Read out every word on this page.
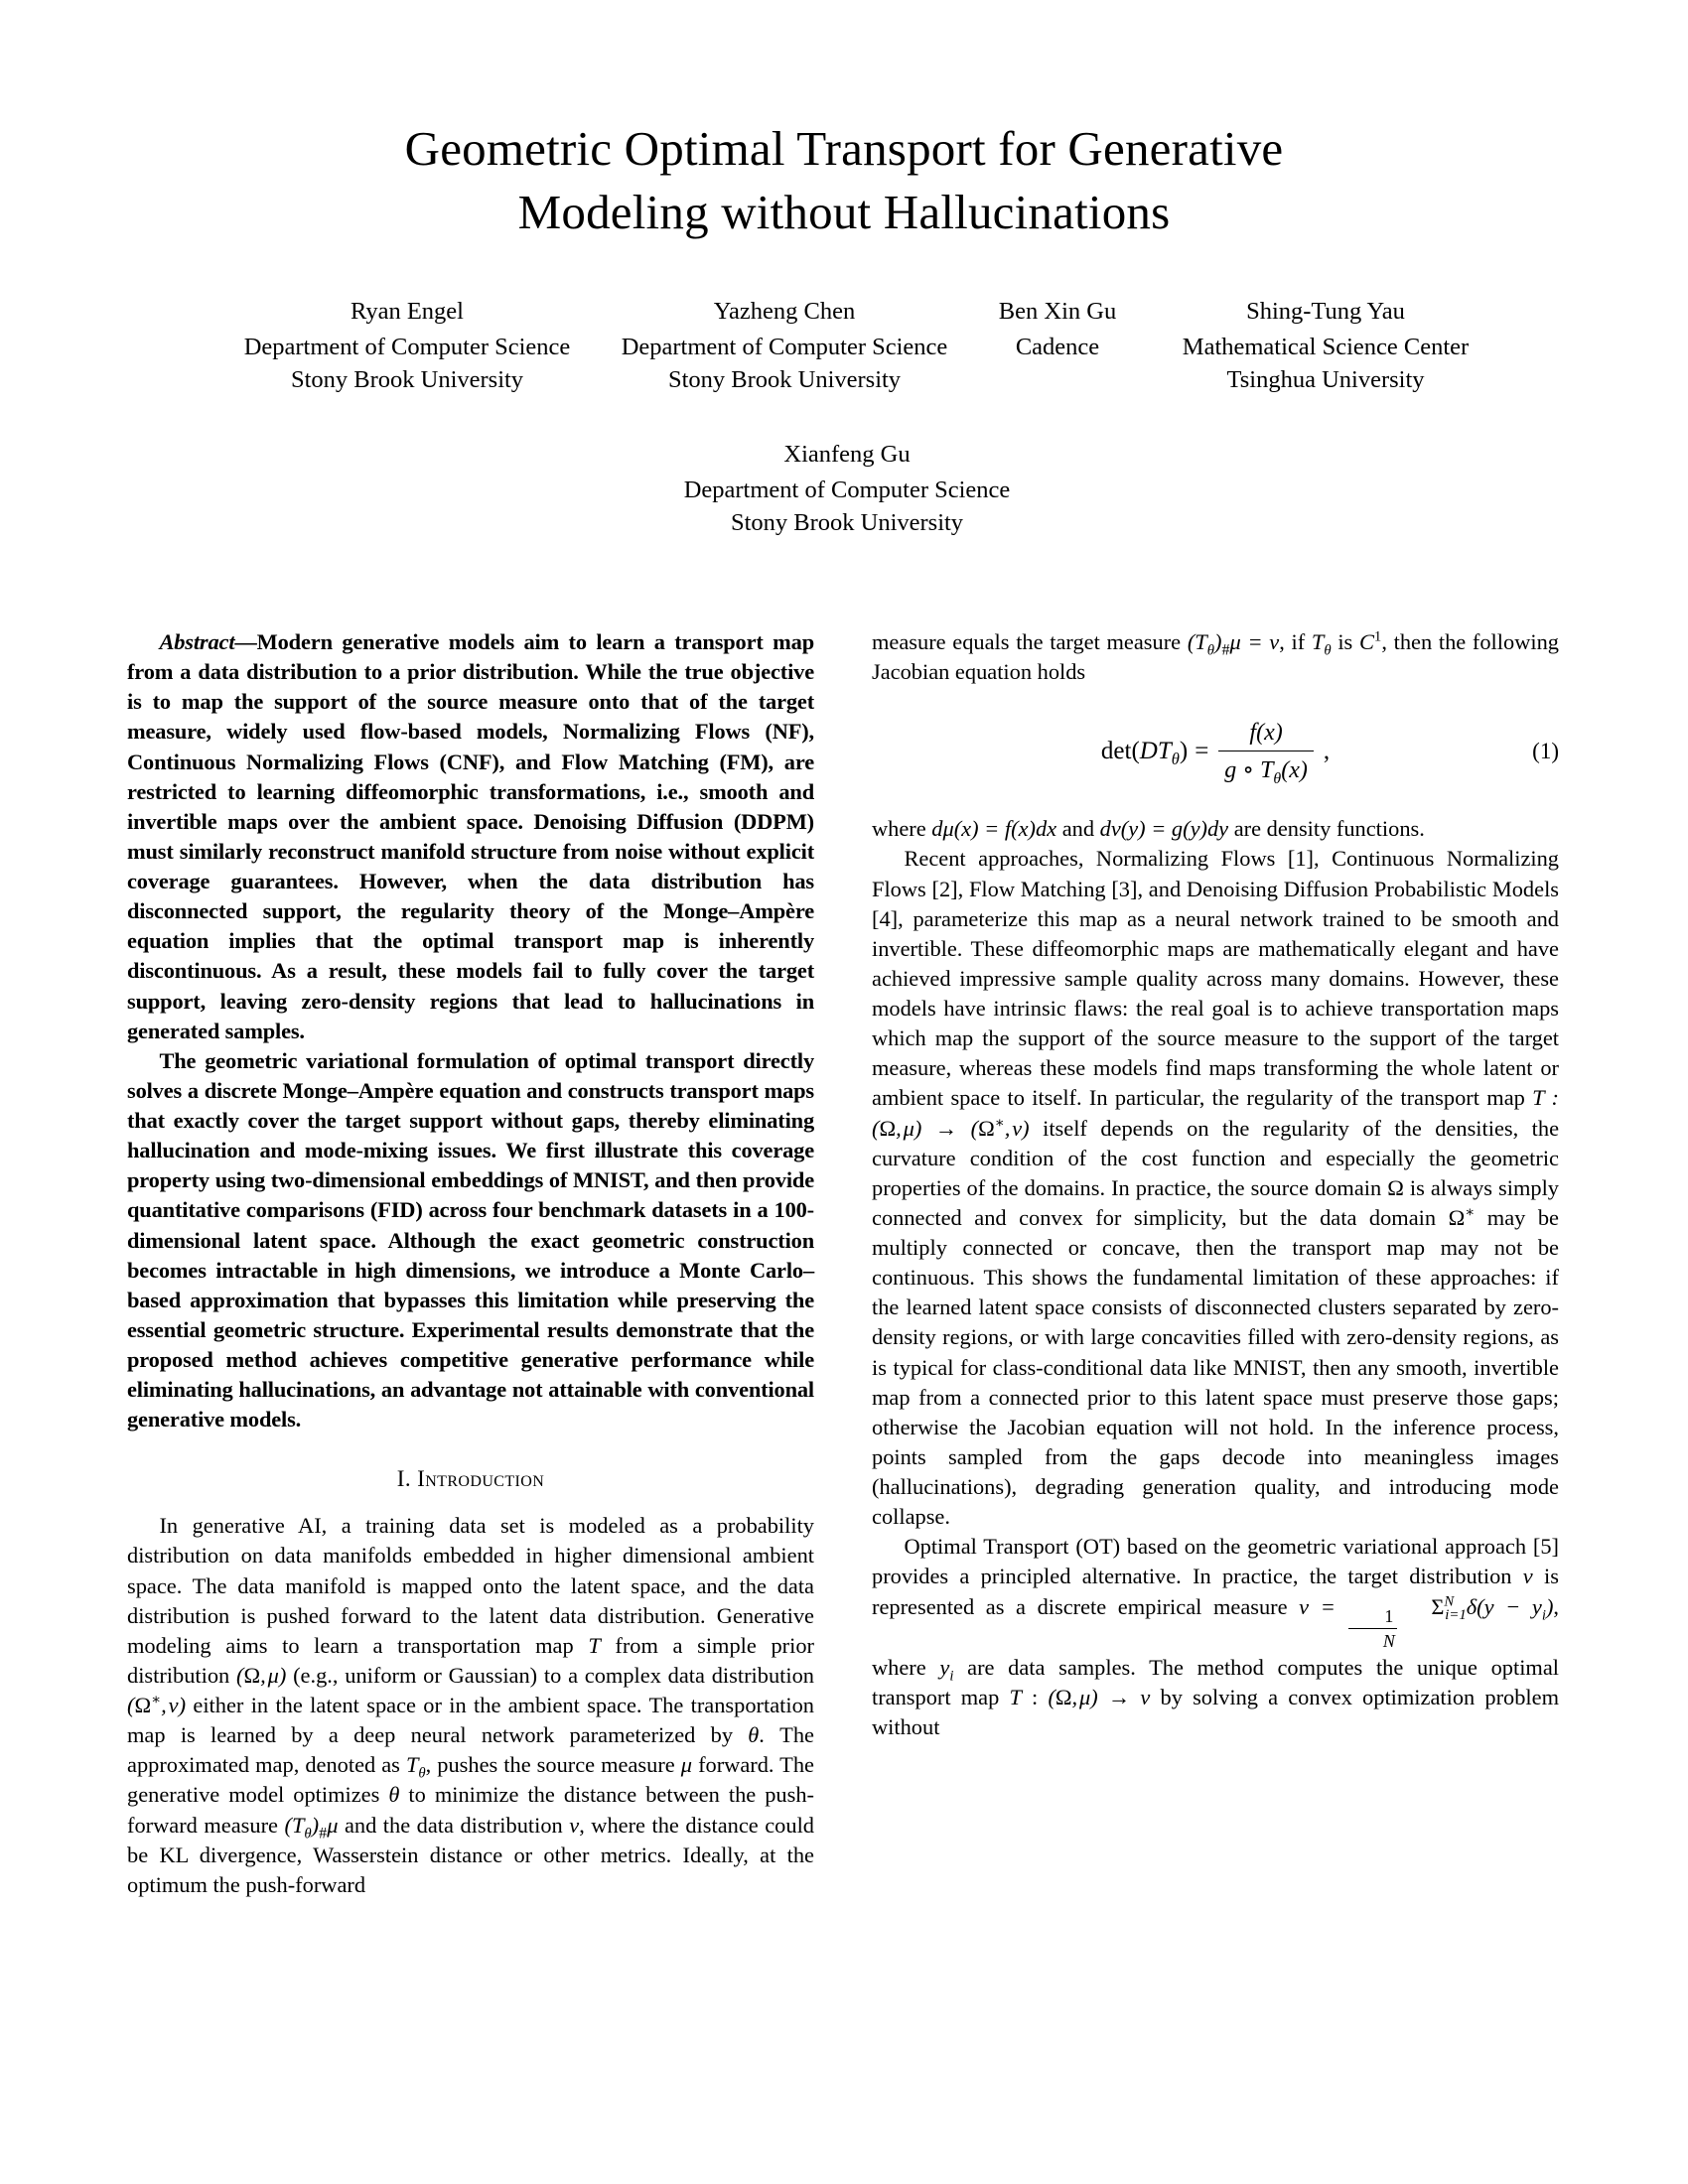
Geometric Optimal Transport for Generative
Modeling without Hallucinations
Ryan Engel
Department of Computer Science
Stony Brook University
Yazheng Chen
Department of Computer Science
Stony Brook University
Ben Xin Gu
Cadence
Shing-Tung Yau
Mathematical Science Center
Tsinghua University
Xianfeng Gu
Department of Computer Science
Stony Brook University

Abstract—Modern generative models aim to learn a transport map from a data distribution to a prior distribution. While the true objective is to map the support of the source measure onto that of the target measure, widely used flow-based models, Normalizing Flows (NF), Continuous Normalizing Flows (CNF), and Flow Matching (FM), are restricted to learning diffeomorphic transformations, i.e., smooth and invertible maps over the ambient space. Denoising Diffusion (DDPM) must similarly reconstruct manifold structure from noise without explicit coverage guarantees. However, when the data distribution has disconnected support, the regularity theory of the Monge–Ampère equation implies that the optimal transport map is inherently discontinuous. As a result, these models fail to fully cover the target support, leaving zero-density regions that lead to hallucinations in generated samples.

The geometric variational formulation of optimal transport directly solves a discrete Monge–Ampère equation and constructs transport maps that exactly cover the target support without gaps, thereby eliminating hallucination and mode-mixing issues. We first illustrate this coverage property using two-dimensional embeddings of MNIST, and then provide quantitative comparisons (FID) across four benchmark datasets in a 100-dimensional latent space. Although the exact geometric construction becomes intractable in high dimensions, we introduce a Monte Carlo–based approximation that bypasses this limitation while preserving the essential geometric structure. Experimental results demonstrate that the proposed method achieves competitive generative performance while eliminating hallucinations, an advantage not attainable with conventional generative models.

I. Introduction

In generative AI, a training data set is modeled as a probability distribution on data manifolds embedded in higher dimensional ambient space. The data manifold is mapped onto the latent space, and the data distribution is pushed forward to the latent data distribution. Generative modeling aims to learn a transportation map T from a simple prior distribution (Ω, μ) (e.g., uniform or Gaussian) to a complex data distribution (Ω∗, ν) either in the latent space or in the ambient space. The transportation map is learned by a deep neural network parameterized by θ. The approximated map, denoted as $T_\theta$, pushes the source measure μ forward. The generative model optimizes θ to minimize the distance between the push-forward measure $(T_\theta)_{\#}\mu$ and the data distribution ν, where the distance could be KL divergence, Wasserstein distance or other metrics. Ideally, at the optimum the push-forward

measure equals the target measure $(T_\theta)_{\#}\mu = \nu$, if $T_\theta$ is $C^1$, then the following Jacobian equation holds

$\det(DT_\theta) = \frac{f(x)}{g \circ T_\theta(x)}$ ,	(1)

where dμ(x) = f(x)dx and dν(y) = g(y)dy are density functions.

Recent approaches, Normalizing Flows [1], Continuous Normalizing Flows [2], Flow Matching [3], and Denoising Diffusion Probabilistic Models [4], parameterize this map as a neural network trained to be smooth and invertible. These diffeomorphic maps are mathematically elegant and have achieved impressive sample quality across many domains. However, these models have intrinsic flaws: the real goal is to achieve transportation maps which map the support of the source measure to the support of the target measure, whereas these models find maps transforming the whole latent or ambient space to itself. In particular, the regularity of the transport map T : (Ω, μ) → (Ω∗, ν) itself depends on the regularity of the densities, the curvature condition of the cost function and especially the geometric properties of the domains. In practice, the source domain Ω is always simply connected and convex for simplicity, but the data domain Ω∗ may be multiply connected or concave, then the transport map may not be continuous. This shows the fundamental limitation of these approaches: if the learned latent space consists of disconnected clusters separated by zero-density regions, or with large concavities filled with zero-density regions, as is typical for class-conditional data like MNIST, then any smooth, invertible map from a connected prior to this latent space must preserve those gaps; otherwise the Jacobian equation will not hold. In the inference process, points sampled from the gaps decode into meaningless images (hallucinations), degrading generation quality, and introducing mode collapse.

Optimal Transport (OT) based on the geometric variational approach [5] provides a principled alternative. In practice, the target distribution ν is represented as a discrete empirical measure $\nu = \frac{1}{N} \Sigma^N_{i=1}\delta(y - y_i)$, where $y_i$ are data samples. The method computes the unique optimal transport map T : (Ω, μ) → ν by solving a convex optimization problem without
